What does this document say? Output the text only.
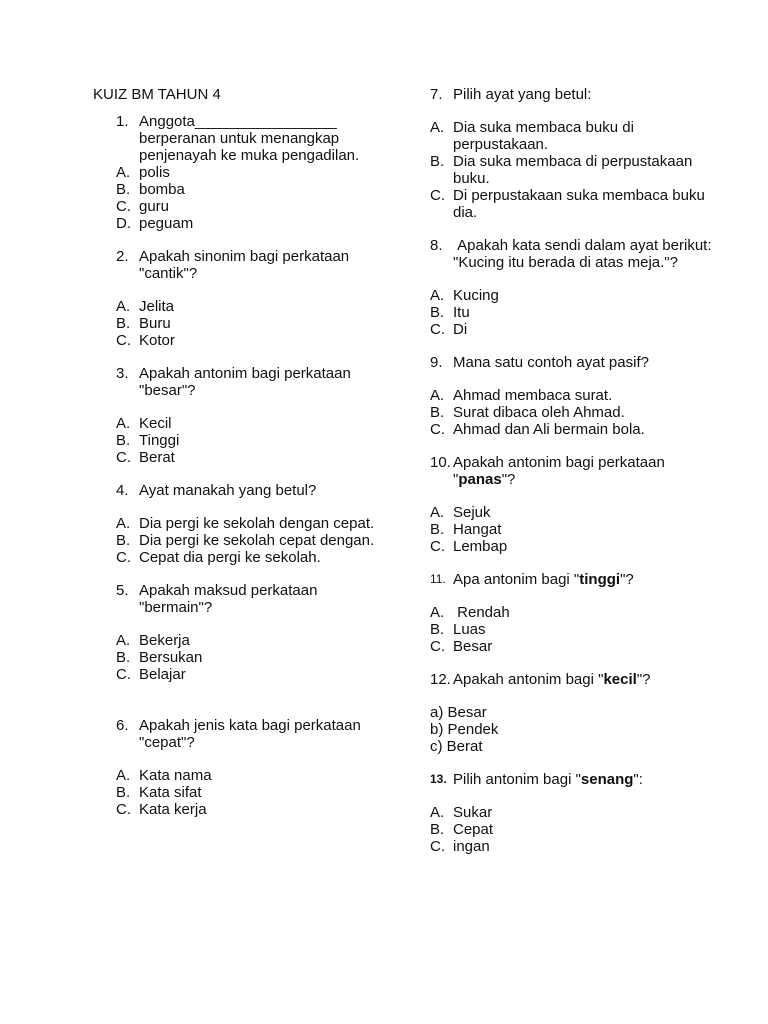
KUIZ BM TAHUN 4
1. Anggota_________________ berperanan untuk menangkap penjenayah ke muka pengadilan.
A. polis
B. bomba
C. guru
D. peguam
2. Apakah sinonim bagi perkataan "cantik"?
A. Jelita
B. Buru
C. Kotor
3. Apakah antonim bagi perkataan "besar"?
A. Kecil
B. Tinggi
C. Berat
4. Ayat manakah yang betul?
A. Dia pergi ke sekolah dengan cepat.
B. Dia pergi ke sekolah cepat dengan.
C. Cepat dia pergi ke sekolah.
5. Apakah maksud perkataan "bermain"?
A. Bekerja
B. Bersukan
C. Belajar
6. Apakah jenis kata bagi perkataan "cepat"?
A. Kata nama
B. Kata sifat
C. Kata kerja
7. Pilih ayat yang betul:
A. Dia suka membaca buku di perpustakaan.
B. Dia suka membaca di perpustakaan buku.
C. Di perpustakaan suka membaca buku dia.
8. Apakah kata sendi dalam ayat berikut: "Kucing itu berada di atas meja."?
A. Kucing
B. Itu
C. Di
9. Mana satu contoh ayat pasif?
A. Ahmad membaca surat.
B. Surat dibaca oleh Ahmad.
C. Ahmad dan Ali bermain bola.
10. Apakah antonim bagi perkataan "panas"?
A. Sejuk
B. Hangat
C. Lembap
11. Apa antonim bagi "tinggi"?
A. Rendah
B. Luas
C. Besar
12. Apakah antonim bagi "kecil"?
a) Besar
b) Pendek
c) Berat
13. Pilih antonim bagi "senang":
A. Sukar
B. Cepat
C. ingan
